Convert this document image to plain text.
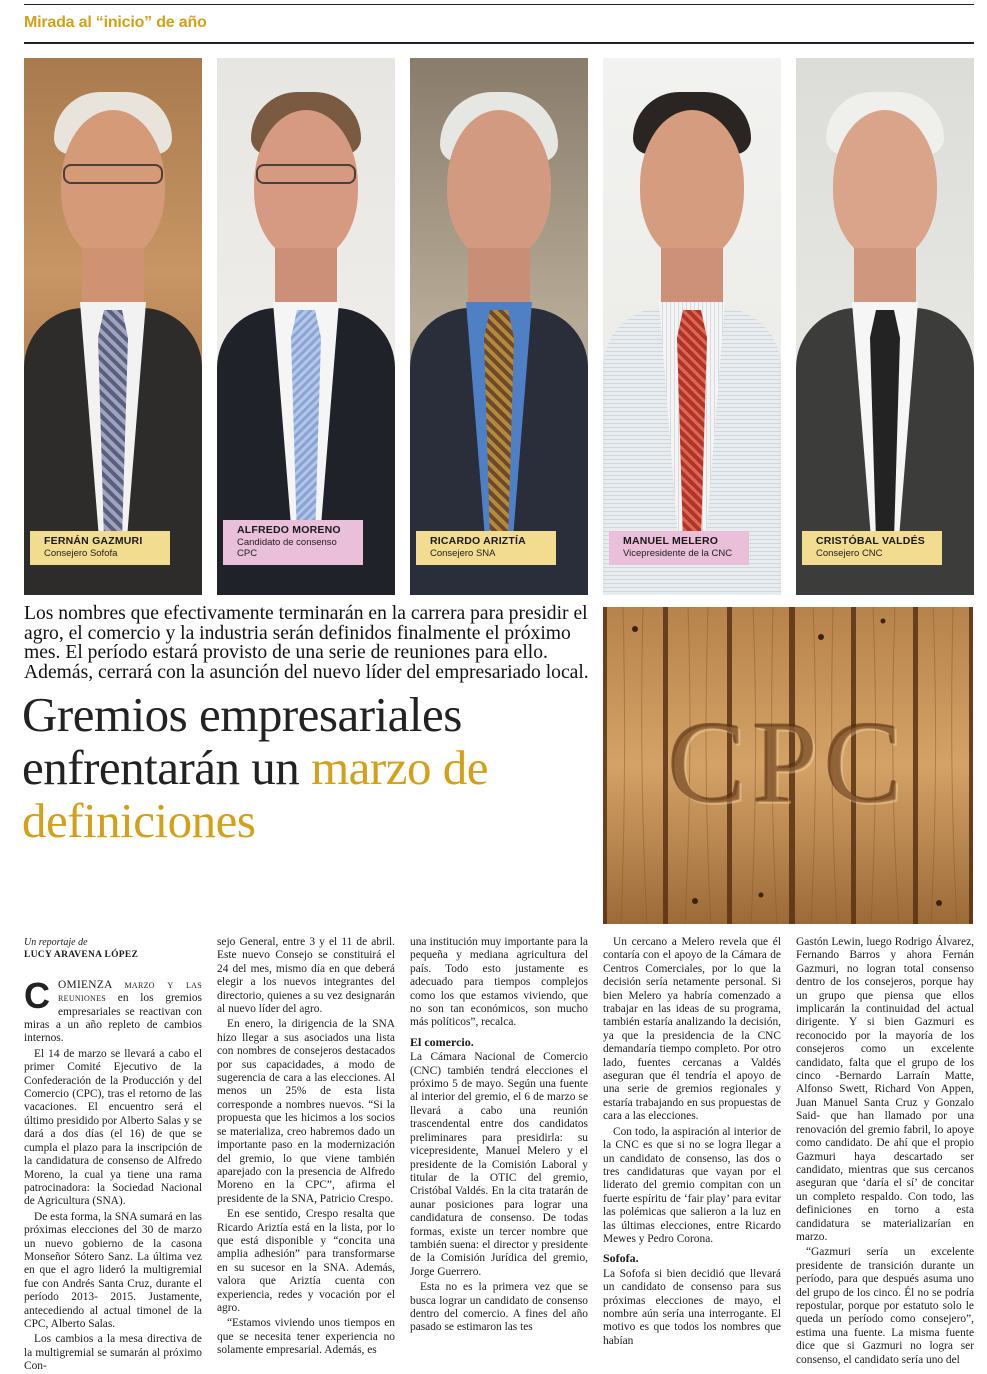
Mirada al “inicio” de año
FERNÁN GAZMURI
Consejero Sofofa
ALFREDO MORENO
Candidato de consenso CPC
RICARDO ARIZTÍA
Consejero SNA
MANUEL MELERO
Vicepresidente de la CNC
CRISTÓBAL VALDÉS
Consejero CNC
Los nombres que efectivamente terminarán en la carrera para presidir el agro, el comercio y la industria serán definidos finalmente el próximo mes. El período estará provisto de una serie de reuniones para ello. Además, cerrará con la asunción del nuevo líder del empresariado local.
Gremios empresariales enfrentarán un marzo de definiciones	CPC
Un reportaje de
LUCY ARAVENA LÓPEZ

COMIENZA marzo y las reuniones en los gremios empresariales se reactivan con miras a un año repleto de cambios internos.

El 14 de marzo se llevará a cabo el primer Comité Ejecutivo de la Confederación de la Producción y del Comercio (CPC), tras el retorno de las vacaciones. El encuentro será el último presidido por Alberto Salas y se dará a dos días (el 16) de que se cumpla el plazo para la inscripción de la candidatura de consenso de Alfredo Moreno, la cual ya tiene una rama patrocinadora: la Sociedad Nacional de Agricultura (SNA).

De esta forma, la SNA sumará en las próximas elecciones del 30 de marzo un nuevo gobierno de la casona Monseñor Sótero Sanz. La última vez en que el agro lideró la multigremial fue con Andrés Santa Cruz, durante el período 2013- 2015. Justamente, antecediendo al actual timonel de la CPC, Alberto Salas.

Los cambios a la mesa directiva de la multigremial se sumarán al próximo Con-

sejo General, entre 3 y el 11 de abril. Este nuevo Consejo se constituirá el 24 del mes, mismo día en que deberá elegir a los nuevos integrantes del directorio, quienes a su vez designarán al nuevo líder del agro.

En enero, la dirigencia de la SNA hizo llegar a sus asociados una lista con nombres de consejeros destacados por sus capacidades, a modo de sugerencia de cara a las elecciones. Al menos un 25% de esta lista corresponde a nombres nuevos. “Si la propuesta que les hicimos a los socios se materializa, creo habremos dado un importante paso en la modernización del gremio, lo que viene también aparejado con la presencia de Alfredo Moreno en la CPC”, afirma el presidente de la SNA, Patricio Crespo.

En ese sentido, Crespo resalta que Ricardo Ariztía está en la lista, por lo que está disponible y “concita una amplia adhesión” para transformarse en su sucesor en la SNA. Además, valora que Ariztía cuenta con experiencia, redes y vocación por el agro.

“Estamos viviendo unos tiempos en que se necesita tener experiencia no solamente empresarial. Además, es

una institución muy importante para la pequeña y mediana agricultura del país. Todo esto justamente es adecuado para tiempos complejos como los que estamos viviendo, que no son tan económicos, son mucho más políticos”, recalca.

El comercio.

La Cámara Nacional de Comercio (CNC) también tendrá elecciones el próximo 5 de mayo. Según una fuente al interior del gremio, el 6 de marzo se llevará a cabo una reunión trascendental entre dos candidatos preliminares para presidirla: su vicepresidente, Manuel Melero y el presidente de la Comisión Laboral y titular de la OTIC del gremio, Cristóbal Valdés. En la cita tratarán de aunar posiciones para lograr una candidatura de consenso. De todas formas, existe un tercer nombre que también suena: el director y presidente de la Comisión Jurídica del gremio, Jorge Guerrero.

Esta no es la primera vez que se busca lograr un candidato de consenso dentro del comercio. A fines del año pasado se estimaron las tes

Un cercano a Melero revela que él contaría con el apoyo de la Cámara de Centros Comerciales, por lo que la decisión sería netamente personal. Si bien Melero ya habría comenzado a trabajar en las ideas de su programa, también estaría analizando la decisión, ya que la presidencia de la CNC demandaría tiempo completo. Por otro lado, fuentes cercanas a Valdés aseguran que él tendría el apoyo de una serie de gremios regionales y estaría trabajando en sus propuestas de cara a las elecciones.

Con todo, la aspiración al interior de la CNC es que si no se logra llegar a un candidato de consenso, las dos o tres candidaturas que vayan por el liderato del gremio compitan con un fuerte espíritu de ‘fair play’ para evitar las polémicas que salieron a la luz en las últimas elecciones, entre Ricardo Mewes y Pedro Corona.

Sofofa.

La Sofofa si bien decidió que llevará un candidato de consenso para sus próximas elecciones de mayo, el nombre aún sería una interrogante. El motivo es que todos los nombres que habían

Gastón Lewin, luego Rodrigo Álvarez, Fernando Barros y ahora Fernán Gazmuri, no logran total consenso dentro de los consejeros, porque hay un grupo que piensa que ellos implicarán la continuidad del actual dirigente. Y si bien Gazmuri es reconocido por la mayoría de los consejeros como un excelente candidato, falta que el grupo de los cinco -Bernardo Larraín Matte, Alfonso Swett, Richard Von Appen, Juan Manuel Santa Cruz y Gonzalo Said- que han llamado por una renovación del gremio fabril, lo apoye como candidato. De ahí que el propio Gazmuri haya descartado ser candidato, mientras que sus cercanos aseguran que ‘daría el sí’ de concitar un completo respaldo. Con todo, las definiciones en torno a esta candidatura se materializarían en marzo.

“Gazmuri sería un excelente presidente de transición durante un período, para que después asuma uno del grupo de los cinco. Él no se podría repostular, porque por estatuto solo le queda un período como consejero”, estima una fuente. La misma fuente dice que si Gazmuri no logra ser consenso, el candidato sería uno del
